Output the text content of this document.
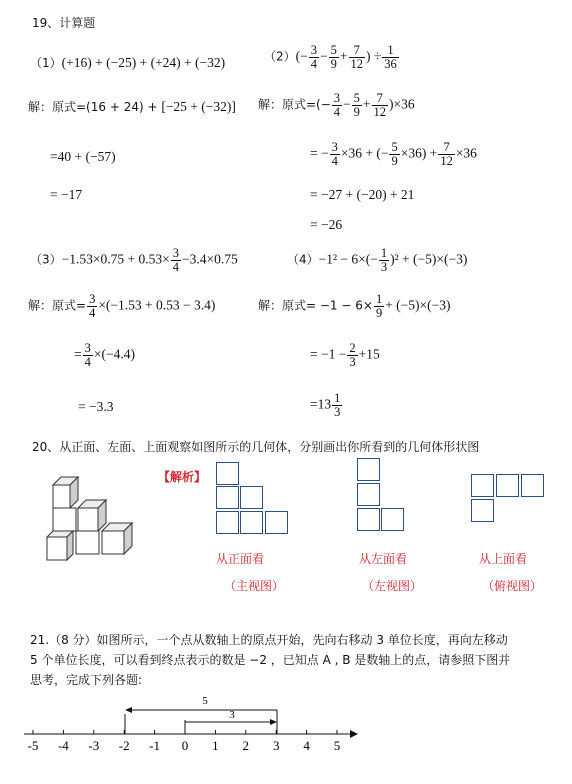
19、计算题
（1）(+16) + (−25) + (+24) + (−32)	$(2)(- \frac{3}{4} - \frac{5}{9} + \frac{7}{12}$ ) ÷ $\frac{1}{36}$
解：原式=(16 + 24) + [−25 + (−32)]
=40 + (−57)
= −17
解：原式=(− $\frac{3}{4} - \frac{5}{9} + \frac{7}{12} )\times 36$
= − $\frac{3}{4} \times 36$ + (− $\frac{5}{9} \times 36) + \frac{7}{12} \times 36$
= −27 + (−20) + 21
= −26
$(3)-1.53\times 0.75 + 0.53\times \frac{3}{4} -3.4\times 0.75$	$(4)-1^2 - 6\times(- \frac{1}{3} )^2 + (-5)\times(-3)$
解：原式= $\frac{3}{4} \times(-1.53 + 0.53 - 3.4)$
= $\frac{3}{4} \times(-4.4)$
= −3.3
解：原式= $-1 - 6\times \frac{1}{9} + (-5)\times(-3)$
= $-1 - \frac{2}{3} +15$
$=13 \frac{1}{3}$
20、从正面、左面、上面观察如图所示的几何体，分别画出你所看到的几何体形状图
【解析】
从正面看
（主视图）
从左面看
（左视图）
从上面看
（俯视图）
21.（8 分）如图所示，一个点从数轴上的原点开始，先向右移动 3 单位长度，再向左移动
5 个单位长度，可以看到终点表示的数是 −2 ，已知点 A , B 是数轴上的点，请参照下图并
思考，完成下列各题:
-5 -4 -3 -2 -1 0 1 2 3 4 5
5
3
